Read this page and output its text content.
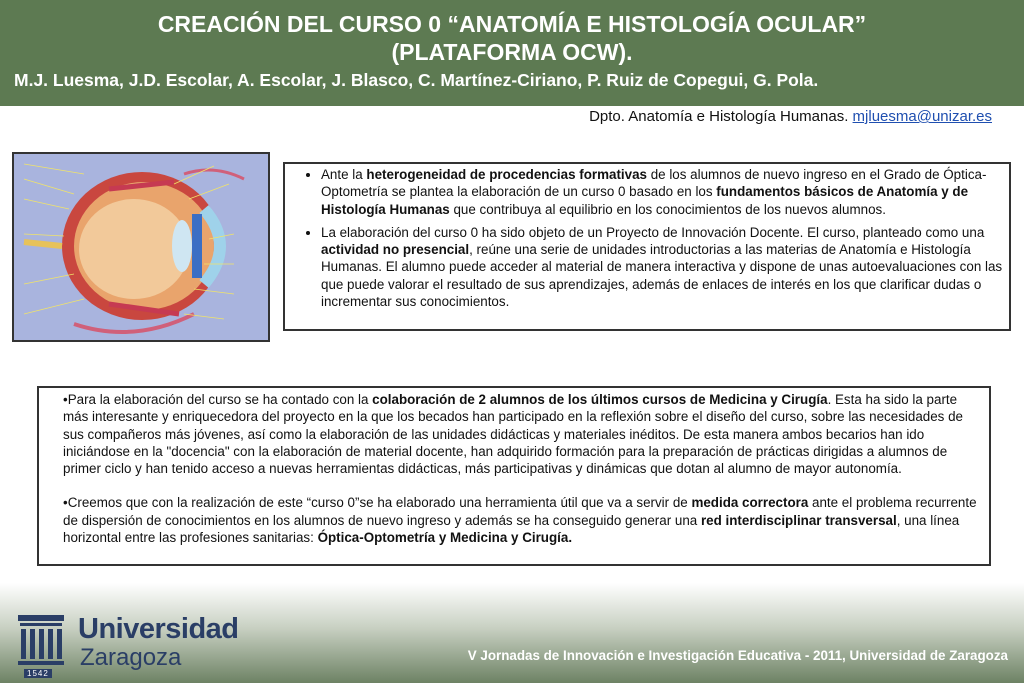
CREACIÓN DEL CURSO 0 “ANATOMÍA E HISTOLOGÍA OCULAR”
(PLATAFORMA OCW).
M.J. Luesma, J.D. Escolar, A. Escolar, J. Blasco, C. Martínez-Ciriano, P. Ruiz de Copegui, G. Pola.
Dpto. Anatomía e Histología Humanas. mjluesma@unizar.es
• Ante la heterogeneidad de procedencias formativas de los alumnos de nuevo ingreso en el Grado de Óptica-Optometría se plantea la elaboración de un curso 0 basado en los fundamentos básicos de Anatomía y de Histología Humanas que contribuya al equilibrio en los conocimientos de los nuevos alumnos.
• La elaboración del curso 0 ha sido objeto de un Proyecto de Innovación Docente. El curso, planteado como una actividad no presencial, reúne una serie de unidades introductorias a las materias de Anatomía e Histología Humanas. El alumno puede acceder al material de manera interactiva y dispone de unas autoevaluaciones con las que puede valorar el resultado de sus aprendizajes, además de enlaces de interés en los que clarificar dudas o incrementar sus conocimientos.

•Para la elaboración del curso se ha contado con la colaboración de 2 alumnos de los últimos cursos de Medicina y Cirugía. Esta ha sido la parte más interesante y enriquecedora del proyecto en la que los becados han participado en la reflexión sobre el diseño del curso, sobre las necesidades de sus compañeros más jóvenes, así como la elaboración de las unidades didácticas y materiales inéditos. De esta manera ambos becarios han ido iniciándose en la "docencia" con la elaboración de material docente, han adquirido formación para la preparación de prácticas dirigidas a alumnos de primer ciclo y han tenido acceso a nuevas herramientas didácticas, más participativas y dinámicas que dotan al alumno de mayor autonomía.

•Creemos que con la realización de este “curso 0”se ha elaborado una herramienta útil que va a servir de medida correctora ante el problema recurrente de dispersión de conocimientos en los alumnos de nuevo ingreso y además se ha conseguido generar una red interdisciplinar transversal, una línea horizontal entre las profesiones sanitarias: Óptica-Optometría y Medicina y Cirugía.

Universidad
Zaragoza
1542
V Jornadas de Innovación e Investigación Educativa - 2011, Universidad de Zaragoza
